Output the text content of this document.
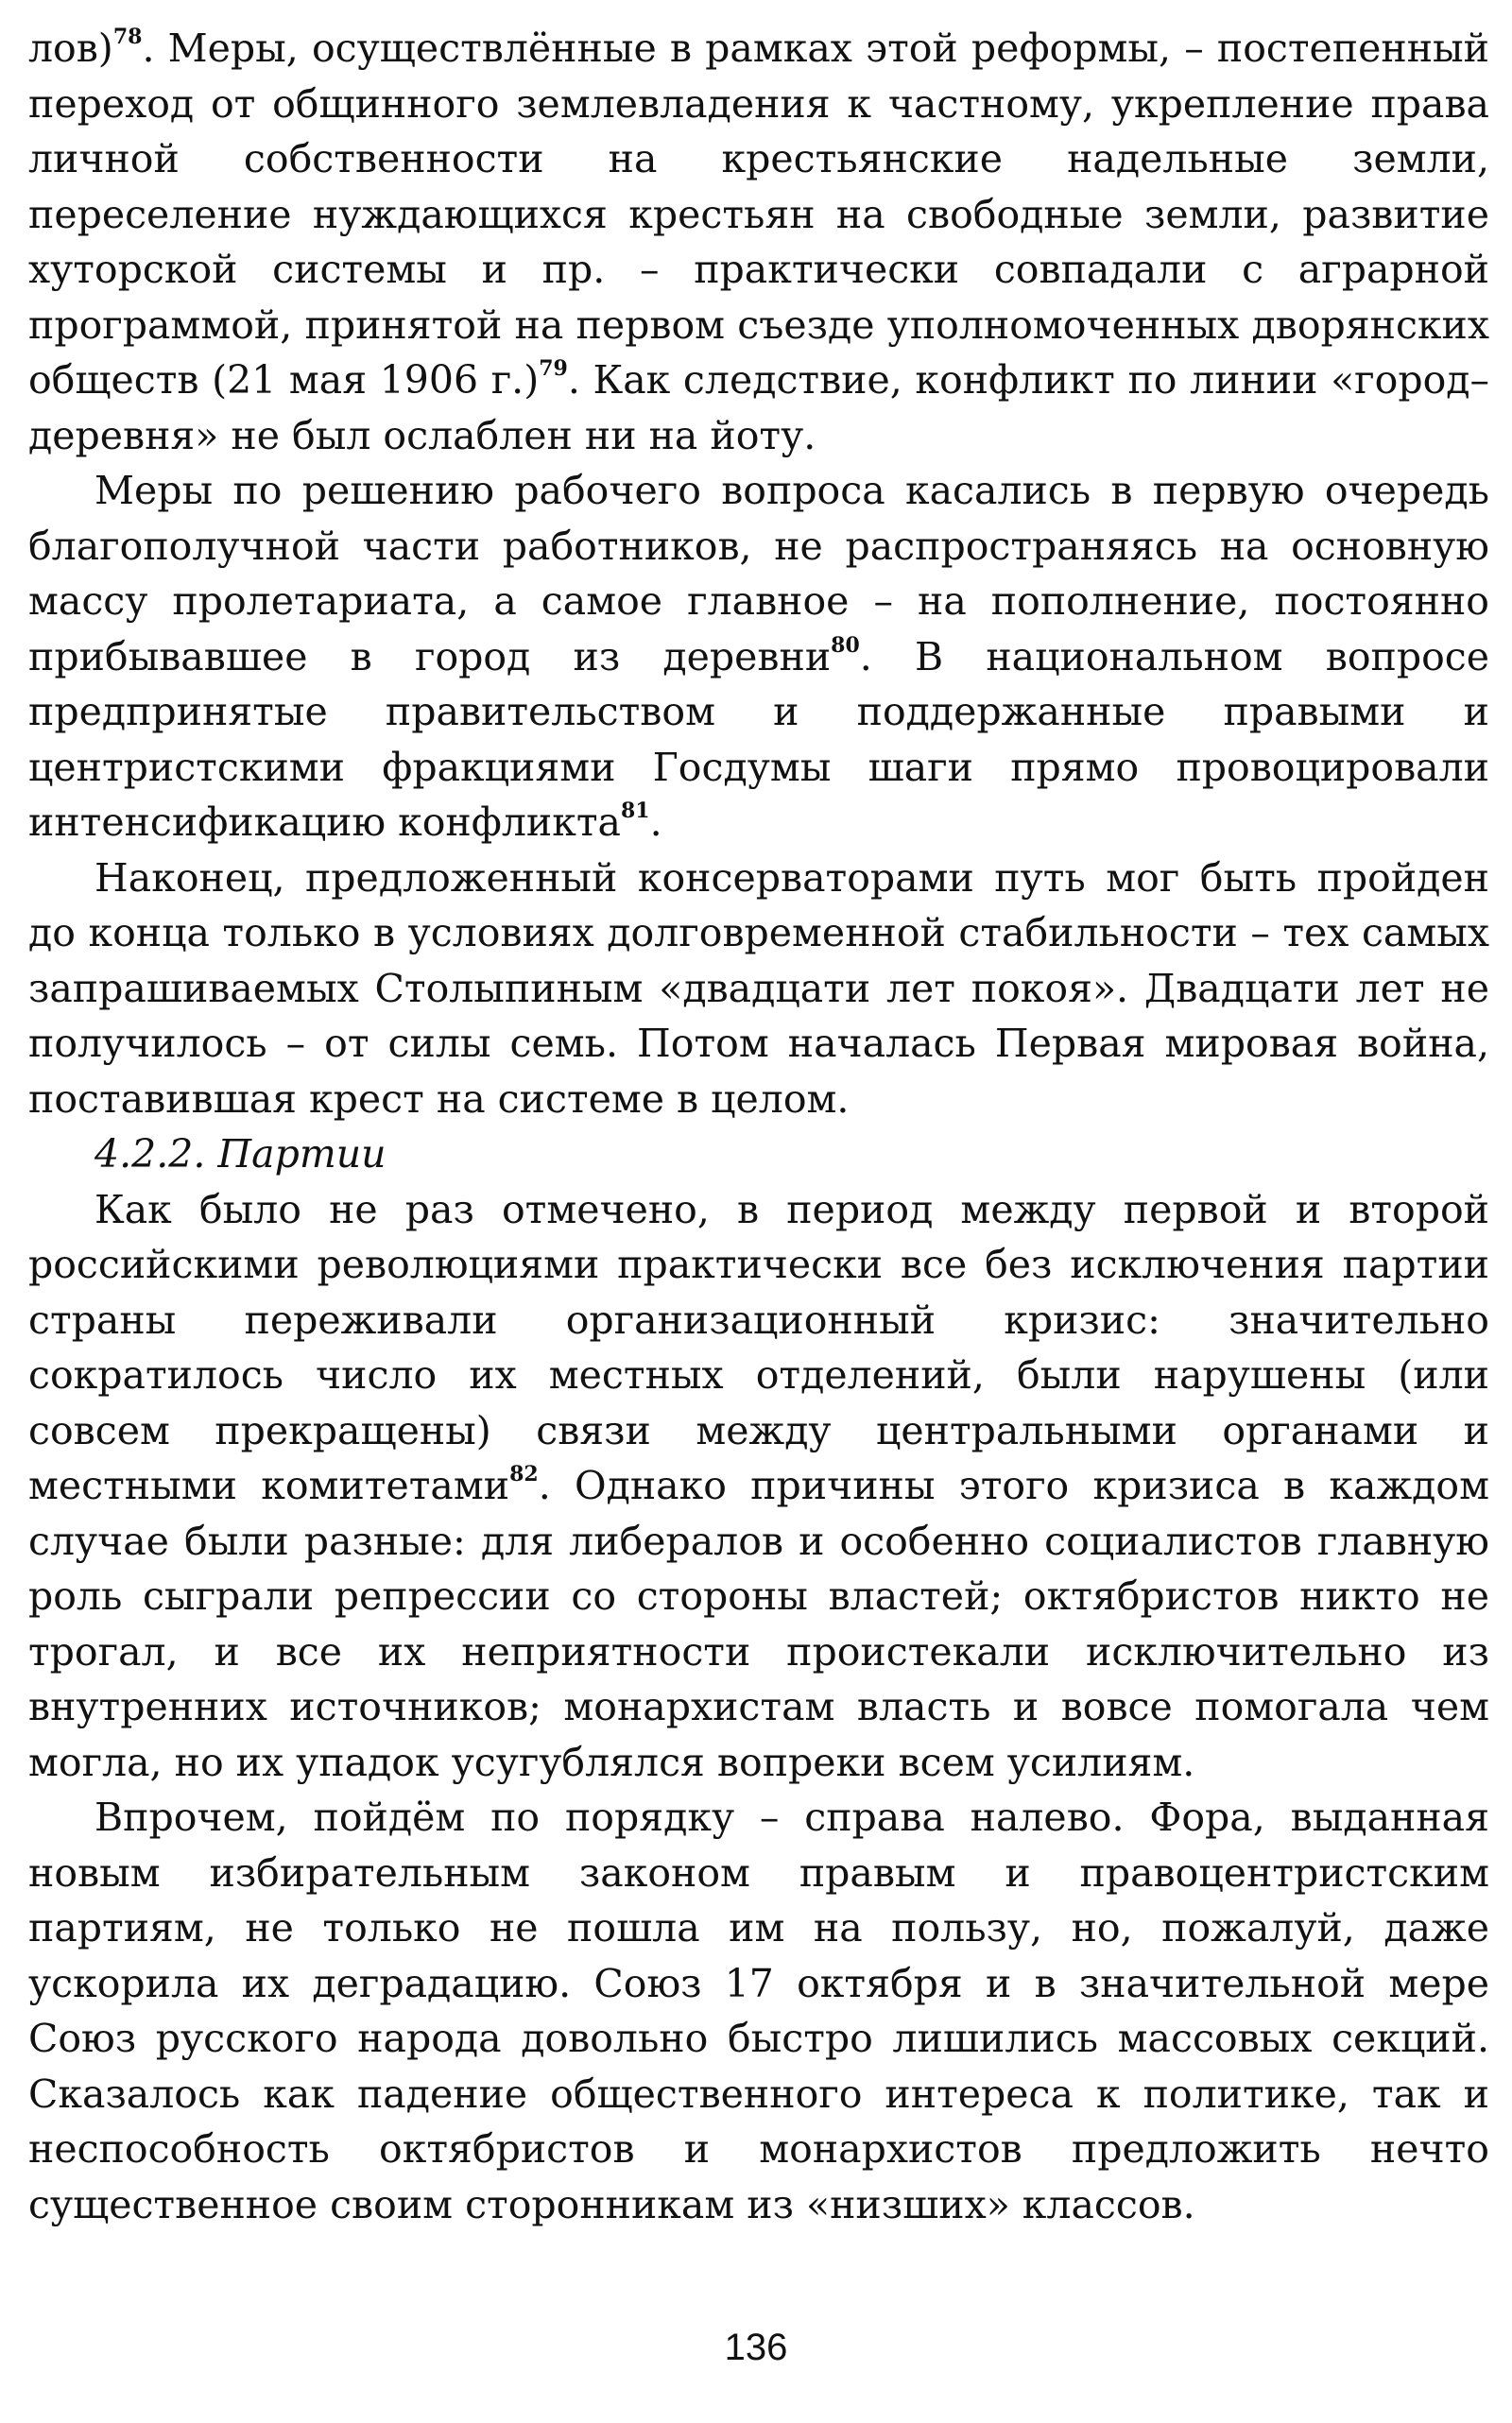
лов)$^{78}$. Меры, осуществлённые в рамках этой реформы, – постепенный переход от общинного землевладения к частному, укрепление права личной собственности на крестьянские надельные земли, переселение нуждающихся крестьян на свободные земли, развитие хуторской системы и пр. – практически совпадали с аграрной программой, принятой на первом съезде уполномоченных дворянских обществ (21 мая 1906 г.)$^{79}$. Как следствие, конфликт по линии «город–деревня» не был ослаблен ни на йоту.

Меры по решению рабочего вопроса касались в первую очередь благополучной части работников, не распространяясь на основную массу пролетариата, а самое главное – на пополнение, постоянно прибывавшее в город из деревни$^{80}$. В национальном вопросе предпринятые правительством и поддержанные правыми и центристскими фракциями Госдумы шаги прямо провоцировали интенсификацию конфликта$^{81}$.

Наконец, предложенный консерваторами путь мог быть пройден до конца только в условиях долговременной стабильности – тех самых запрашиваемых Столыпиным «двадцати лет покоя». Двадцати лет не получилось – от силы семь. Потом началась Первая мировая война, поставившая крест на системе в целом.

4.2.2. Партии

Как было не раз отмечено, в период между первой и второй российскими революциями практически все без исключения партии страны переживали организационный кризис: значительно сократилось число их местных отделений, были нарушены (или совсем прекращены) связи между центральными органами и местными комитетами$^{82}$. Однако причины этого кризиса в каждом случае были разные: для либералов и особенно социалистов главную роль сыграли репрессии со стороны властей; октябристов никто не трогал, и все их неприятности проистекали исключительно из внутренних источников; монархистам власть и вовсе помогала чем могла, но их упадок усугублялся вопреки всем усилиям.

Впрочем, пойдём по порядку – справа налево. Фора, выданная новым избирательным законом правым и правоцентристским партиям, не только не пошла им на пользу, но, пожалуй, даже ускорила их деградацию. Союз 17 октября и в значительной мере Союз русского народа довольно быстро лишились массовых секций. Сказалось как падение общественного интереса к политике, так и неспособность октябристов и монархистов предложить нечто существенное своим сторонникам из «низших» классов.

136
